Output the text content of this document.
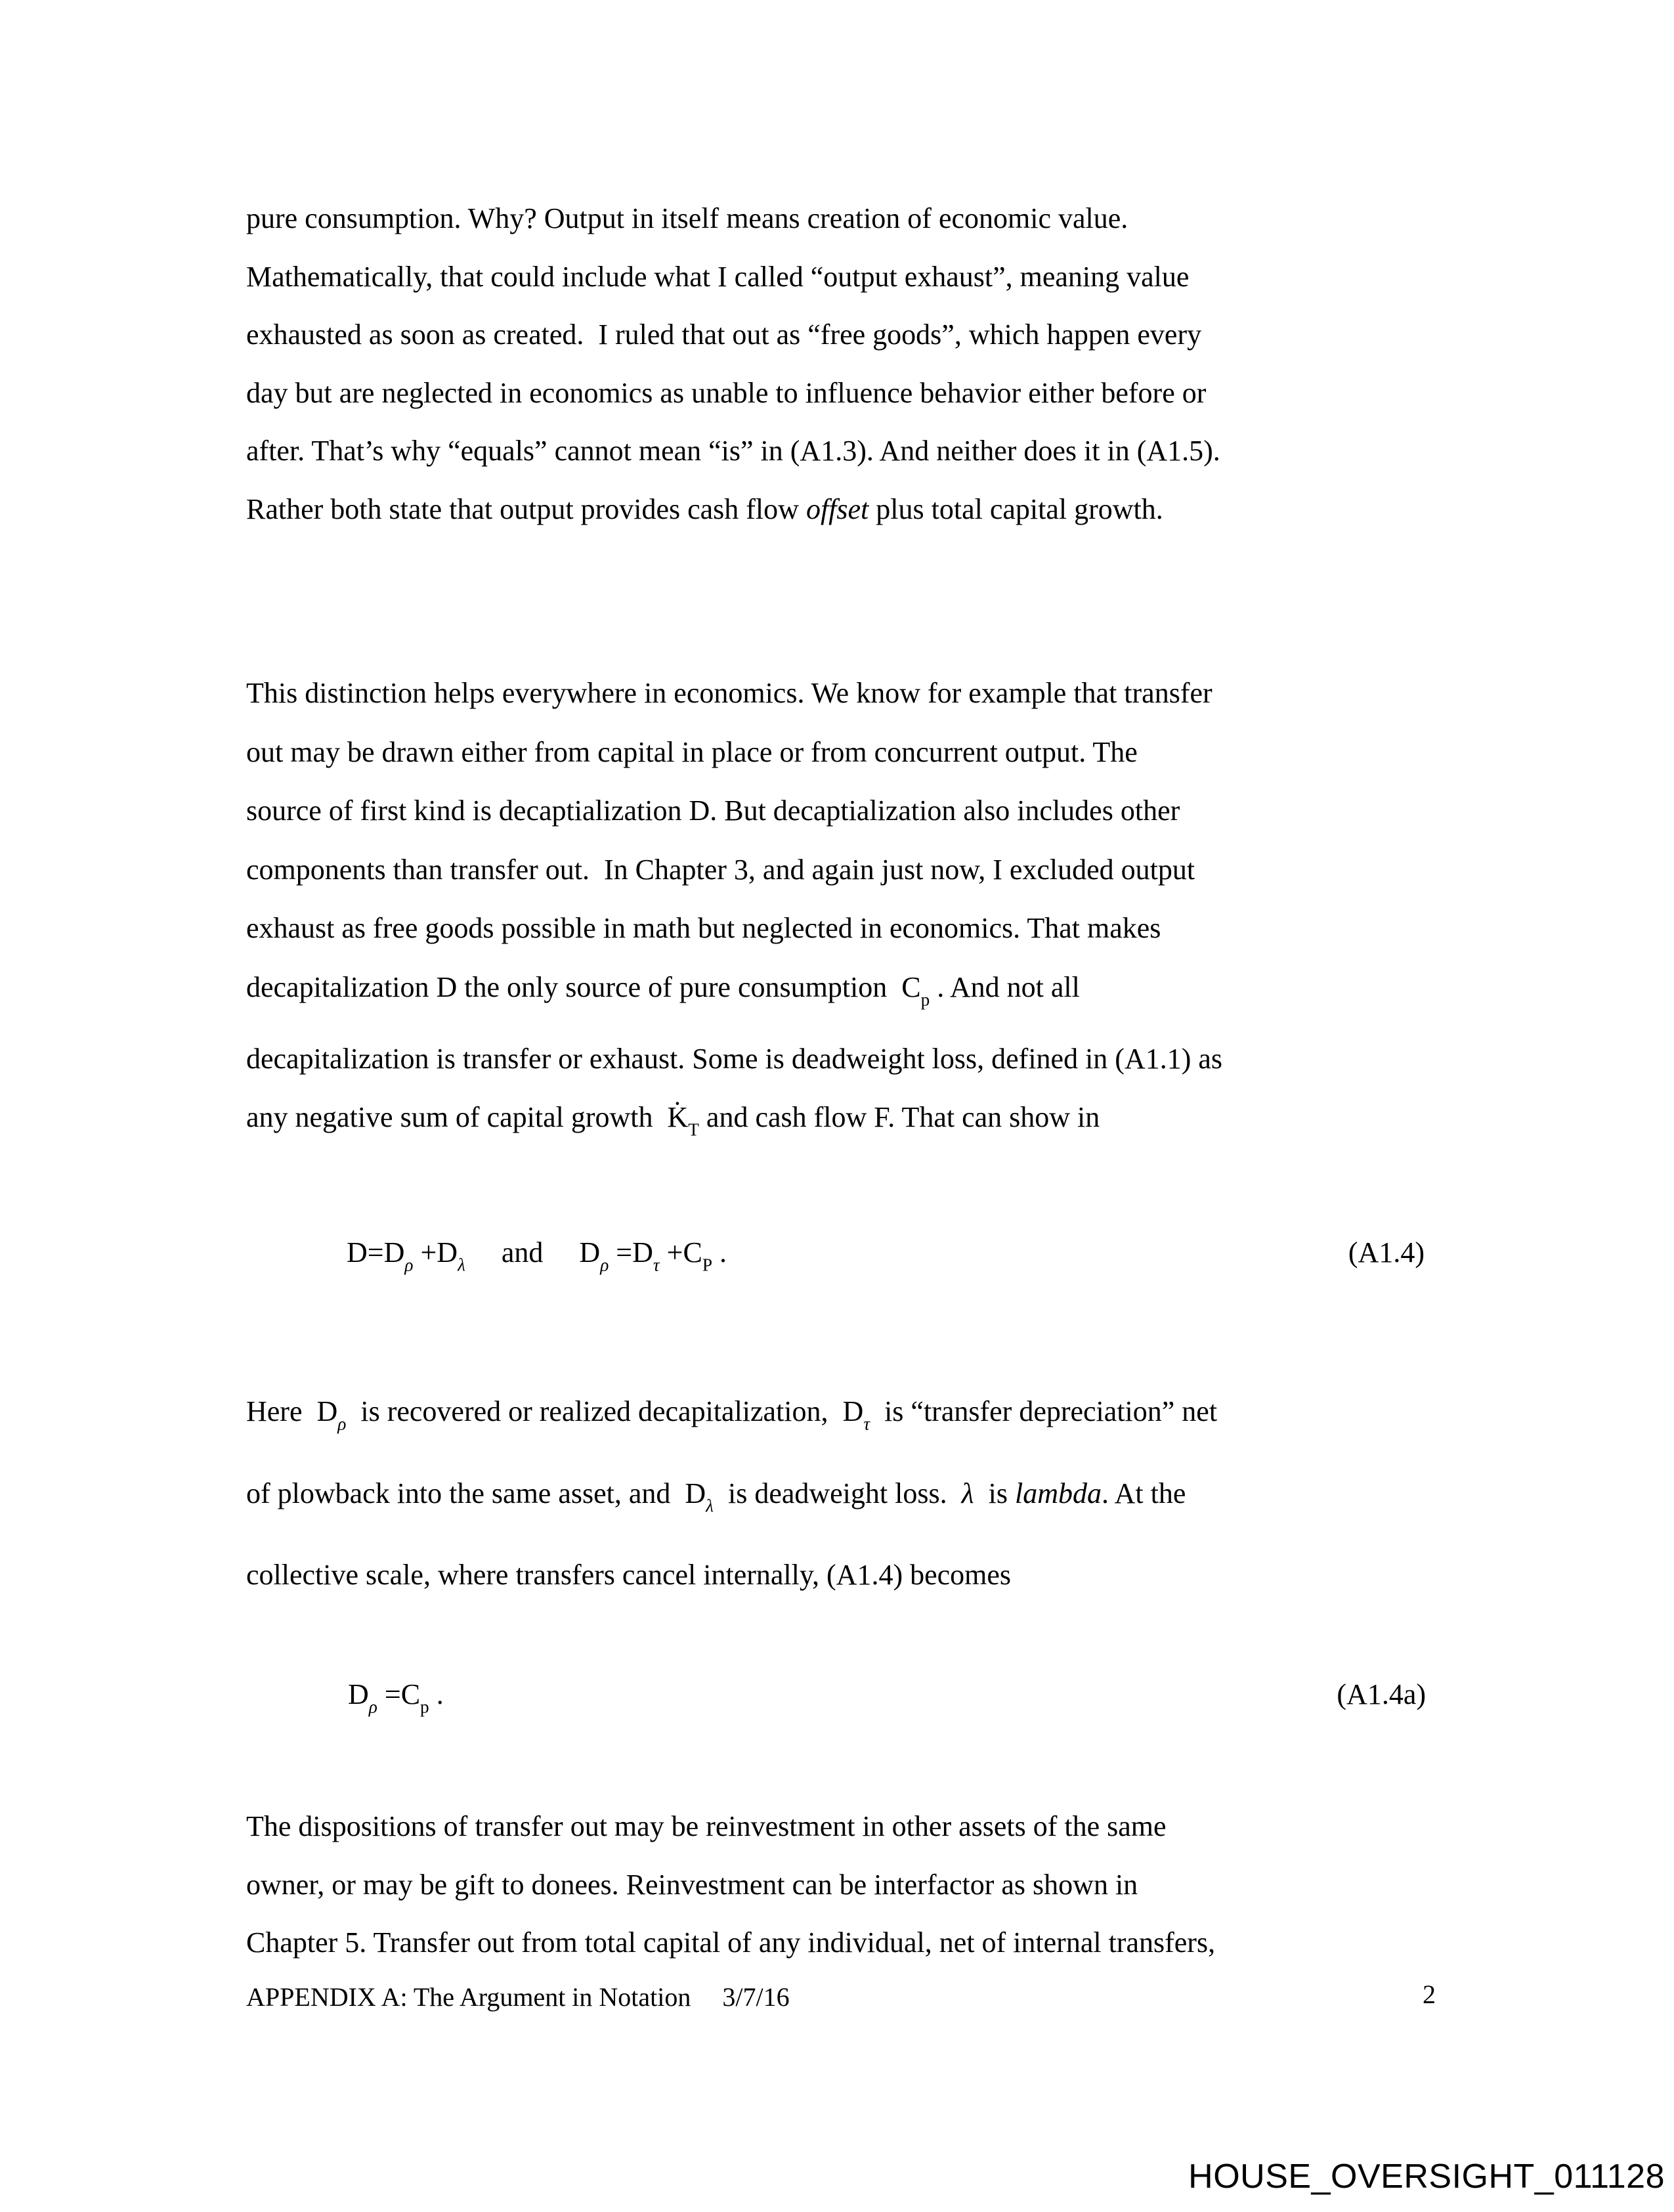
pure consumption. Why? Output in itself means creation of economic value.
Mathematically, that could include what I called “output exhaust”, meaning value
exhausted as soon as created.  I ruled that out as “free goods”, which happen every
day but are neglected in economics as unable to influence behavior either before or
after. That’s why “equals” cannot mean “is” in (A1.3). And neither does it in (A1.5).
Rather both state that output provides cash flow offset plus total capital growth.
This distinction helps everywhere in economics. We know for example that transfer
out may be drawn either from capital in place or from concurrent output. The
source of first kind is decaptialization D. But decaptialization also includes other
components than transfer out.  In Chapter 3, and again just now, I excluded output
exhaust as free goods possible in math but neglected in economics. That makes
decapitalization D the only source of pure consumption  $C_p$ . And not all
decapitalization is transfer or exhaust. Some is deadweight loss, defined in (A1.1) as
any negative sum of capital growth  $K̇_T$ and cash flow F. That can show in
$D=D_\rho +D_\lambda$     and     $D_\rho =D_\tau +C_P$ .	(A1.4)
Here  $D_\rho$  is recovered or realized decapitalization,  $D_\tau$  is “transfer depreciation” net
of plowback into the same asset, and  $D_\lambda$  is deadweight loss.  λ  is lambda. At the
collective scale, where transfers cancel internally, (A1.4) becomes
$D_\rho =C_p$ .	(A1.4a)
The dispositions of transfer out may be reinvestment in other assets of the same
owner, or may be gift to donees. Reinvestment can be interfactor as shown in
Chapter 5. Transfer out from total capital of any individual, net of internal transfers,
APPENDIX A: The Argument in Notation 3/7/16	2
HOUSE_OVERSIGHT_011128
